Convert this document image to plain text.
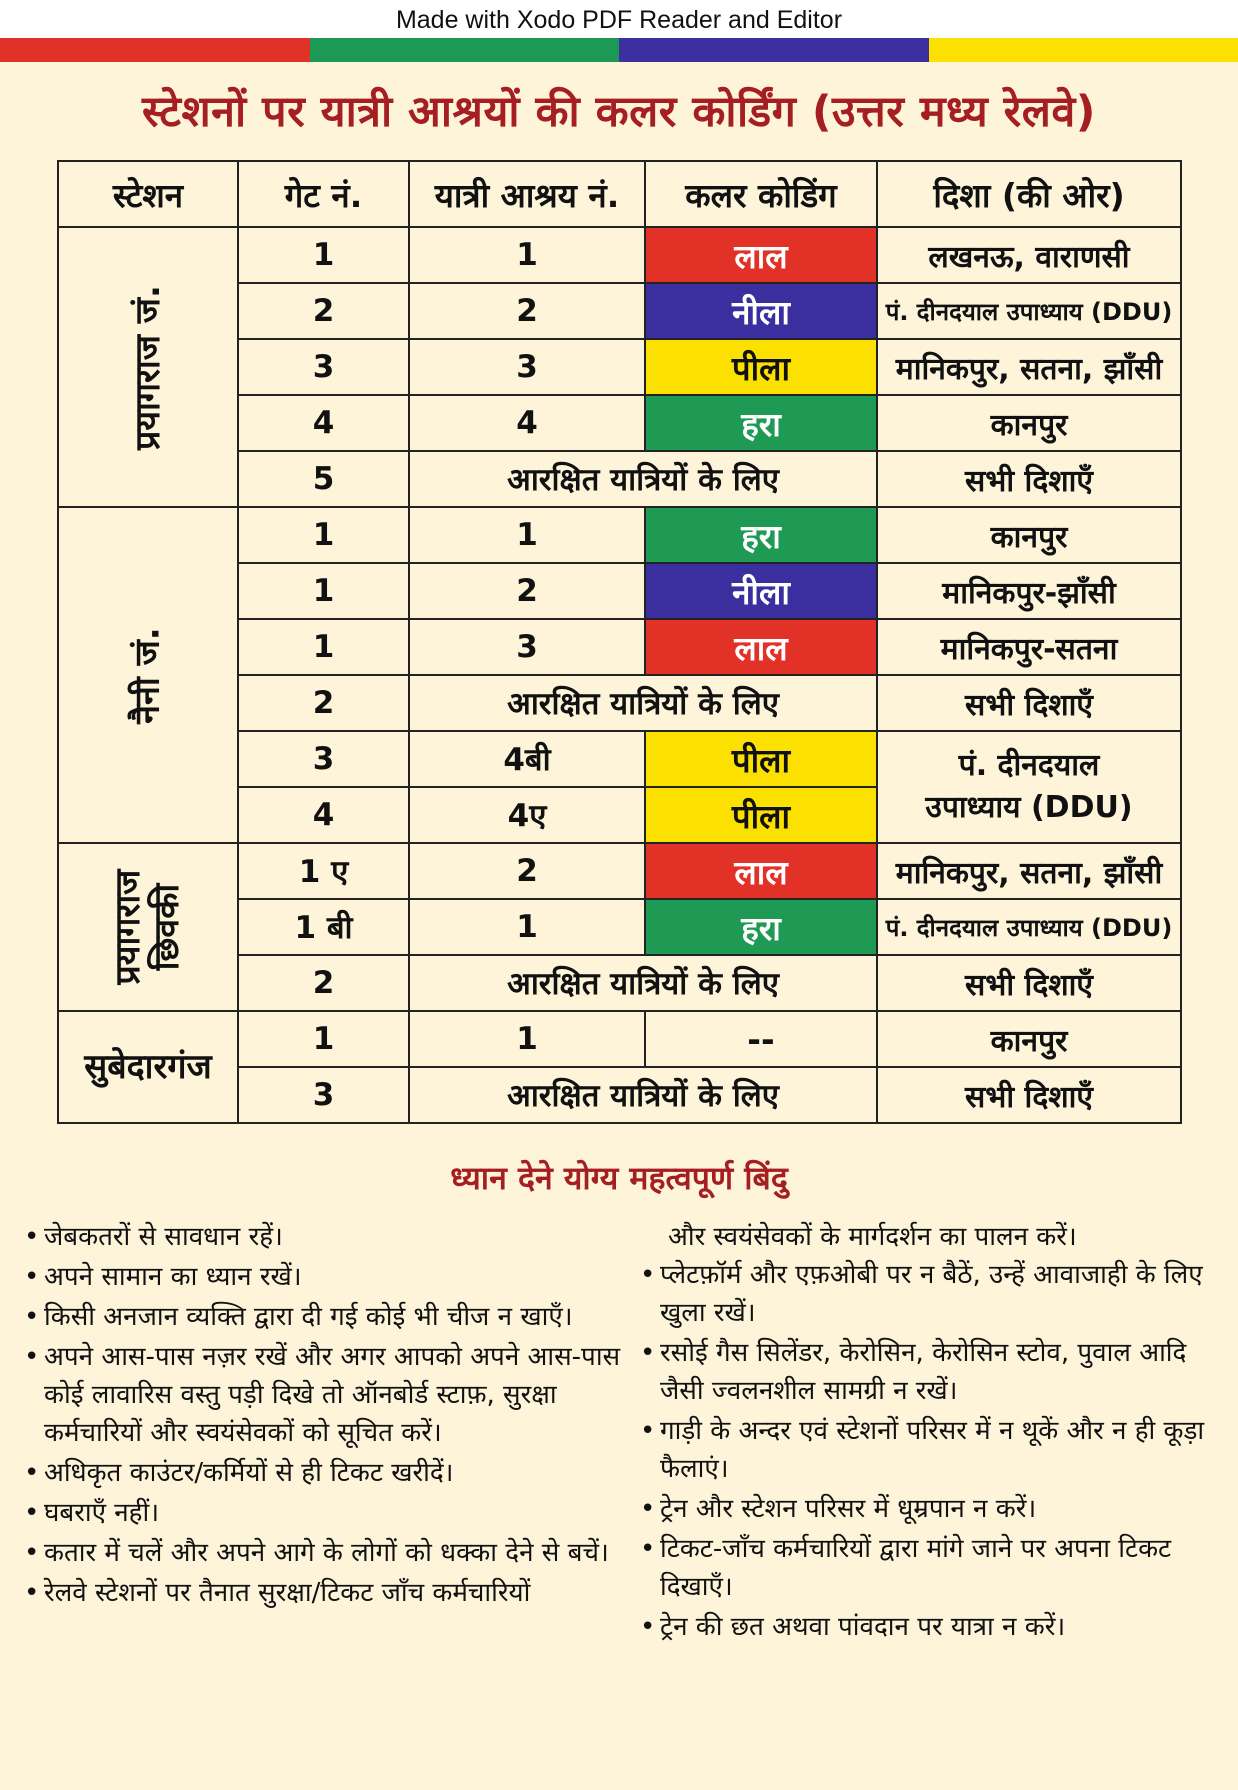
Made with Xodo PDF Reader and Editor
स्टेशनों पर यात्री आश्रयों की कलर कोर्डिंग (उत्तर मध्य रेलवे)
स्टेशन	गेट नं.	यात्री आश्रय नं.	कलर कोडिंग	दिशा (की ओर)
प्रयागराज जं.	1	1	लाल	लखनऊ, वाराणसी
	2	2	नीला	पं. दीनदयाल उपाध्याय (DDU)
	3	3	पीला	मानिकपुर, सतना, झाँसी
	4	4	हरा	कानपुर
	5	आरक्षित यात्रियों के लिए		सभी दिशाएँ
नैनी जं.	1	1	हरा	कानपुर
	1	2	नीला	मानिकपुर-झाँसी
	1	3	लाल	मानिकपुर-सतना
	2	आरक्षित यात्रियों के लिए		सभी दिशाएँ
	3	4बी	पीला	पं. दीनदयाल उपाध्याय (DDU)
	4	4ए	पीला	
प्रयागराज छिवकी	1 ए	2	लाल	मानिकपुर, सतना, झाँसी
	1 बी	1	हरा	पं. दीनदयाल उपाध्याय (DDU)
	2	आरक्षित यात्रियों के लिए		सभी दिशाएँ
सुबेदारगंज	1	1	--	कानपुर
	3	आरक्षित यात्रियों के लिए		सभी दिशाएँ
ध्यान देने योग्य महत्वपूर्ण बिंदु
• जेबकतरों से सावधान रहें।
• अपने सामान का ध्यान रखें।
• किसी अनजान व्यक्ति द्वारा दी गई कोई भी चीज न खाएँ।
• अपने आस-पास नज़र रखें और अगर आपको अपने आस-पास कोई लावारिस वस्तु पड़ी दिखे तो ऑनबोर्ड स्टाफ़, सुरक्षा कर्मचारियों और स्वयंसेवकों को सूचित करें।
• अधिकृत काउंटर/कर्मियों से ही टिकट खरीदें।
• घबराएँ नहीं।
• कतार में चलें और अपने आगे के लोगों को धक्का देने से बचें।
• रेलवे स्टेशनों पर तैनात सुरक्षा/टिकट जाँच कर्मचारियों
और स्वयंसेवकों के मार्गदर्शन का पालन करें।
• प्लेटफ़ॉर्म और एफ़ओबी पर न बैठें, उन्हें आवाजाही के लिए खुला रखें।
• रसोई गैस सिलेंडर, केरोसिन, केरोसिन स्टोव, पुवाल आदि जैसी ज्वलनशील सामग्री न रखें।
• गाड़ी के अन्दर एवं स्टेशनों परिसर में न थूकें और न ही कूड़ा फैलाएं।
• ट्रेन और स्टेशन परिसर में धूम्रपान न करें।
• टिकट-जाँच कर्मचारियों द्वारा मांगे जाने पर अपना टिकट दिखाएँ।
• ट्रेन की छत अथवा पांवदान पर यात्रा न करें।
